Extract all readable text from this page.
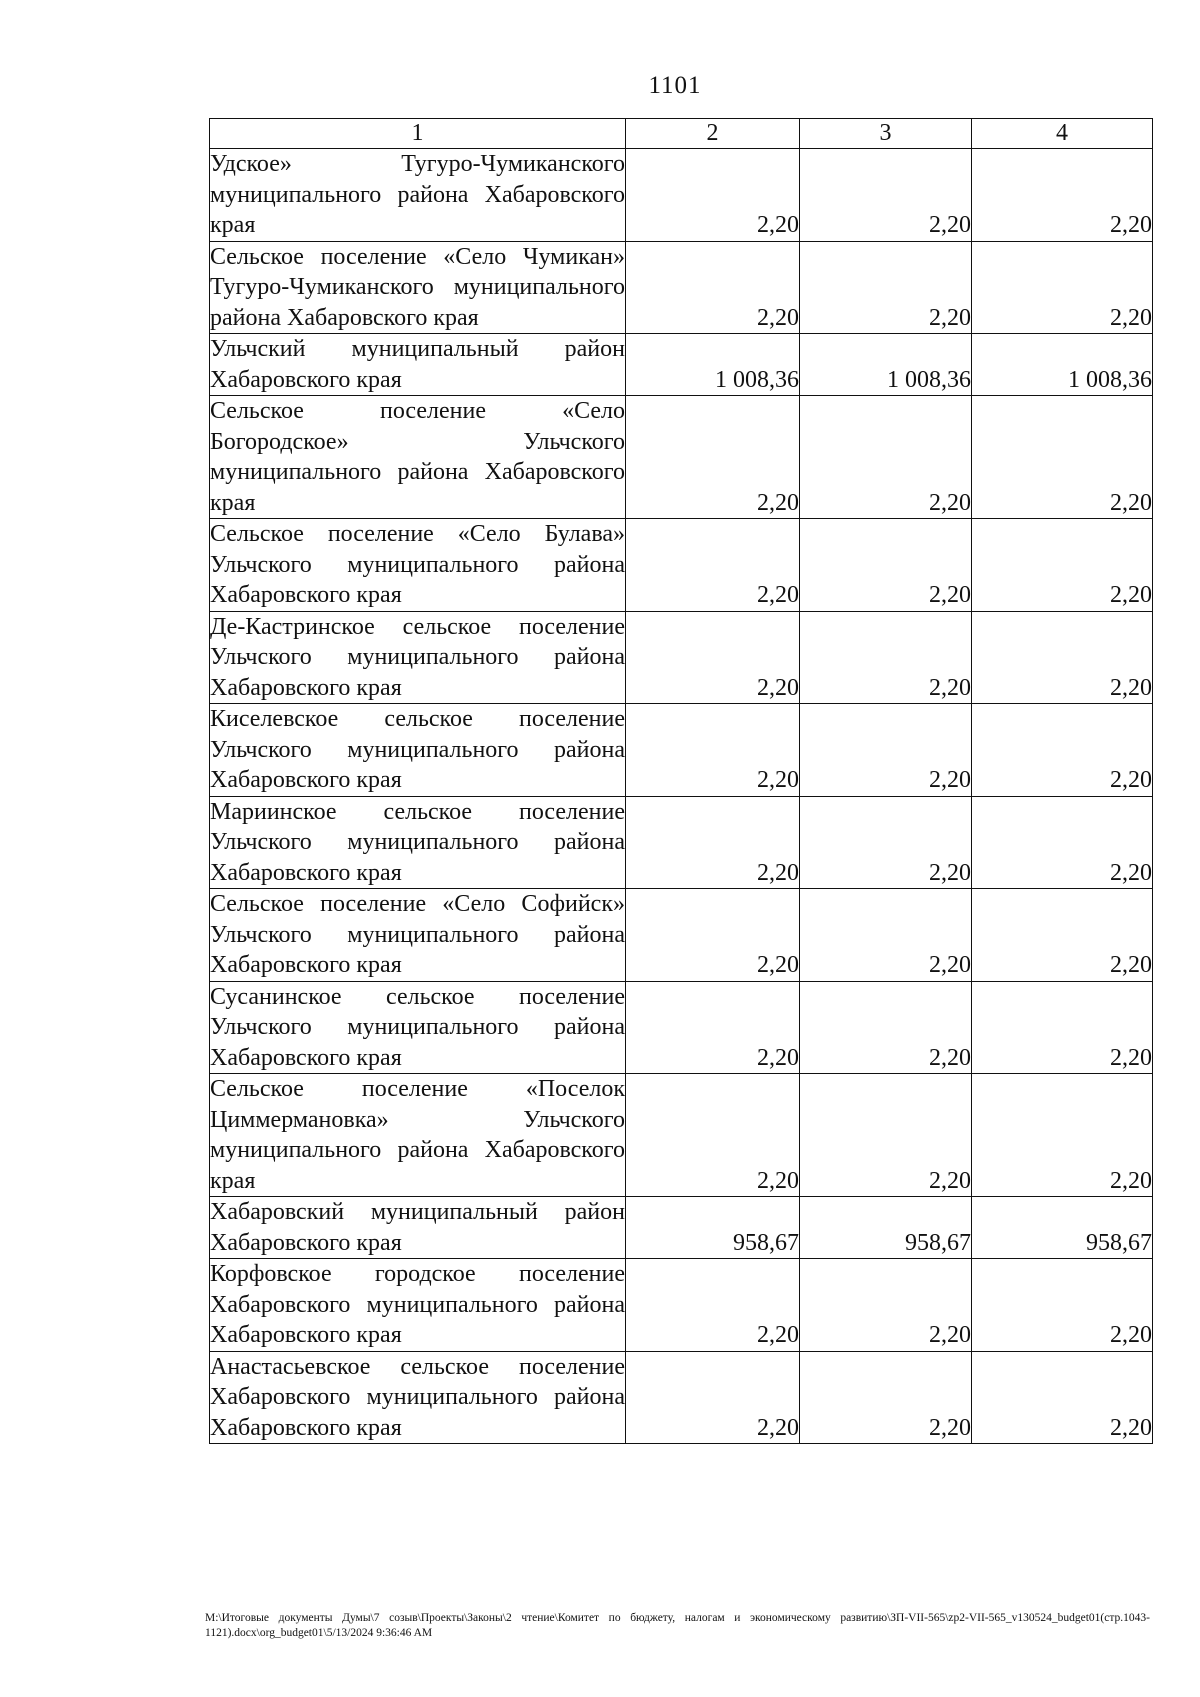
1101
1	2	3	4
Удское» Тугуро-Чумиканского муниципального района Хабаровского края	2,20	2,20	2,20
Сельское поселение «Село Чумикан» Тугуро-Чумиканского муниципального района Хабаровского края	2,20	2,20	2,20
Ульчский муниципальный район Хабаровского края	1 008,36	1 008,36	1 008,36
Сельское поселение «Село Богородское» Ульчского муниципального района Хабаровского края	2,20	2,20	2,20
Сельское поселение «Село Булава» Ульчского муниципального района Хабаровского края	2,20	2,20	2,20
Де-Кастринское сельское поселение Ульчского муниципального района Хабаровского края	2,20	2,20	2,20
Киселевское сельское поселение Ульчского муниципального района Хабаровского края	2,20	2,20	2,20
Мариинское сельское поселение Ульчского муниципального района Хабаровского края	2,20	2,20	2,20
Сельское поселение «Село Софийск» Ульчского муниципального района Хабаровского края	2,20	2,20	2,20
Сусанинское сельское поселение Ульчского муниципального района Хабаровского края	2,20	2,20	2,20
Сельское поселение «Поселок Циммермановка» Ульчского муниципального района Хабаровского края	2,20	2,20	2,20
Хабаровский муниципальный район Хабаровского края	958,67	958,67	958,67
Корфовское городское поселение Хабаровского муниципального района Хабаровского края	2,20	2,20	2,20
Анастасьевское сельское поселение Хабаровского муниципального района Хабаровского края	2,20	2,20	2,20
М:\Итоговые документы Думы\7 созыв\Проекты\Законы\2 чтение\Комитет по бюджету, налогам и экономическому развитию\ЗП-VII-565\zp2-VII-565_v130524_budget01(стр.1043-1121).docx\org_budget01\5/13/2024 9:36:46 AM
